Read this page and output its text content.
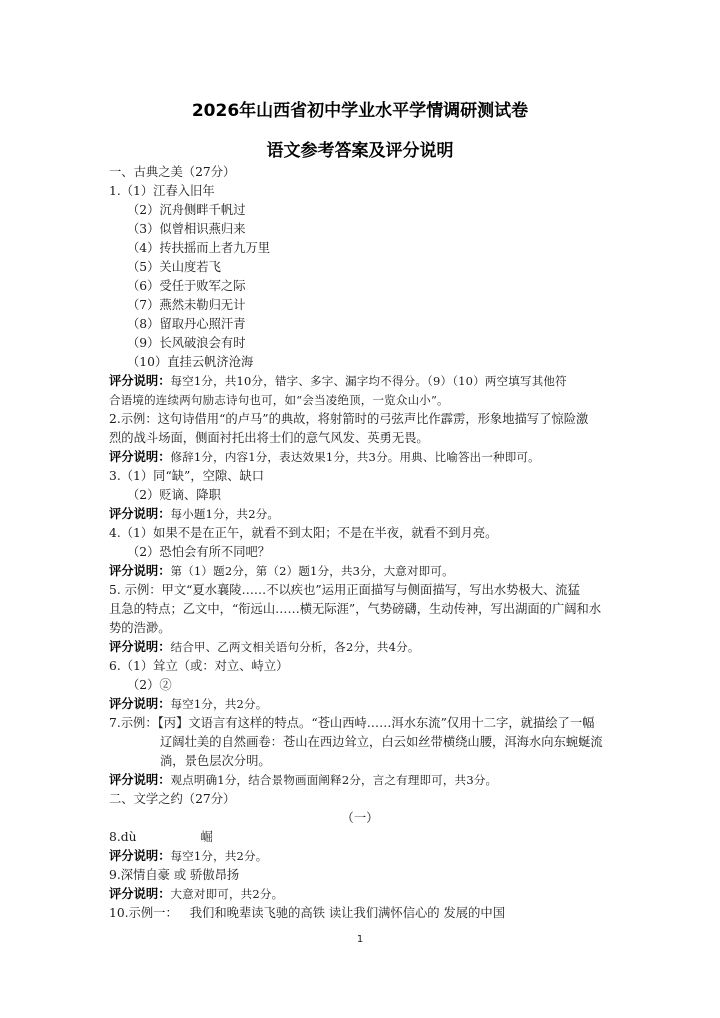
2026年山西省初中学业水平学情调研测试卷
语文参考答案及评分说明
一、古典之美（27分）
1.（1）江春入旧年
（2）沉舟侧畔千帆过
（3）似曾相识燕归来
（4）抟扶摇而上者九万里
（5）关山度若飞
（6）受任于败军之际
（7）燕然未勒归无计
（8）留取丹心照汗青
（9）长风破浪会有时
（10）直挂云帆济沧海
评分说明：每空1分，共10分，错字、多字、漏字均不得分。（9）（10）两空填写其他符
合语境的连续两句励志诗句也可，如“会当凌绝顶，一览众山小”。
2.示例：这句诗借用“的卢马”的典故，将射箭时的弓弦声比作霹雳，形象地描写了惊险激
烈的战斗场面，侧面衬托出将士们的意气风发、英勇无畏。
评分说明：修辞1分，内容1分，表达效果1分，共3分。用典、比喻答出一种即可。
3.（1）同“缺”，空隙、缺口
（2）贬谪、降职
评分说明：每小题1分，共2分。
4.（1）如果不是在正午，就看不到太阳；不是在半夜，就看不到月亮。
（2）恐怕会有所不同吧？
评分说明：第（1）题2分，第（2）题1分，共3分，大意对即可。
5. 示例：甲文“夏水襄陵……不以疾也”运用正面描写与侧面描写，写出水势极大、流猛
且急的特点；乙文中，“衔远山……横无际涯”，气势磅礴，生动传神，写出湖面的广阔和水
势的浩渺。
评分说明：结合甲、乙两文相关语句分析，各2分，共4分。
6.（1）耸立（或：对立、峙立）
（2）②
评分说明：每空1分，共2分。
7.示例：【丙】文语言有这样的特点。“苍山西峙……洱水东流”仅用十二字，就描绘了一幅
辽阔壮美的自然画卷：苍山在西边耸立，白云如丝带横绕山腰，洱海水向东蜿蜒流
淌，景色层次分明。
评分说明：观点明确1分，结合景物画面阐释2分，言之有理即可，共3分。
二、文学之约（27分）
（一）
8.dù	崛
评分说明：每空1分，共2分。
9.深情自豪 或 骄傲昂扬
评分说明：大意对即可，共2分。
10.示例一： 我们和晚辈读飞驰的高铁 读让我们满怀信心的 发展的中国
1
